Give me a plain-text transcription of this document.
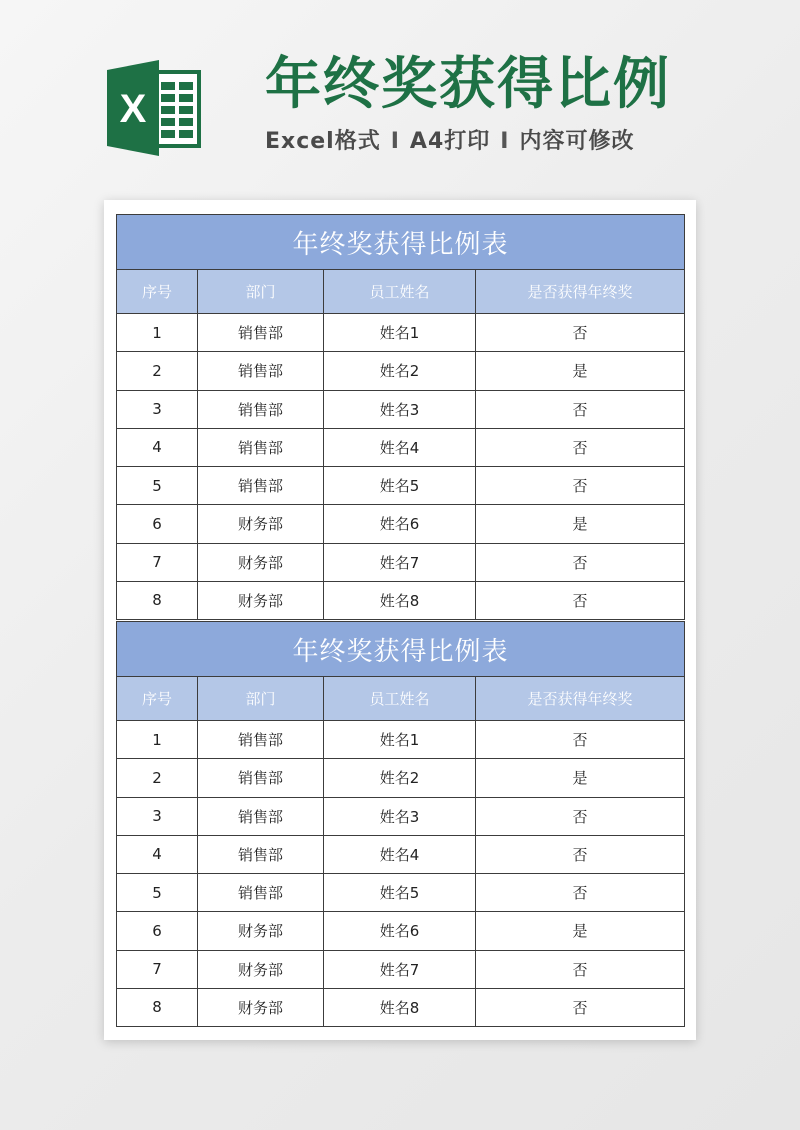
X 年终奖获得比例
Excel格式 I A4打印 I 内容可修改
年终奖获得比例表			
序号	部门	员工姓名	是否获得年终奖
1	销售部	姓名1	否
2	销售部	姓名2	是
3	销售部	姓名3	否
4	销售部	姓名4	否
5	销售部	姓名5	否
6	财务部	姓名6	是
7	财务部	姓名7	否
8	财务部	姓名8	否
年终奖获得比例表			
序号	部门	员工姓名	是否获得年终奖
1	销售部	姓名1	否
2	销售部	姓名2	是
3	销售部	姓名3	否
4	销售部	姓名4	否
5	销售部	姓名5	否
6	财务部	姓名6	是
7	财务部	姓名7	否
8	财务部	姓名8	否
